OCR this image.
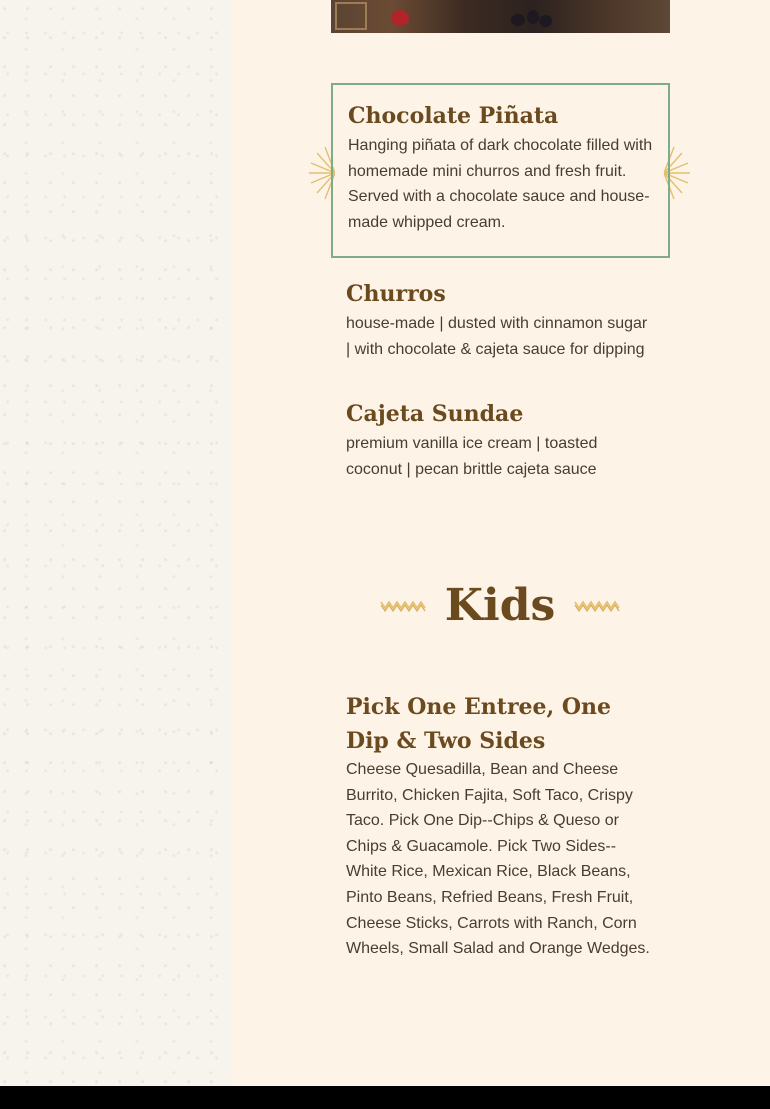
Chocolate Piñata

Hanging piñata of dark chocolate filled with homemade mini churros and fresh fruit. Served with a chocolate sauce and house-made whipped cream.

Churros

house-made | dusted with cinnamon sugar | with chocolate & cajeta sauce for dipping

Cajeta Sundae

premium vanilla ice cream | toasted coconut | pecan brittle cajeta sauce

Kids
Pick One Entree, One Dip & Two Sides

Cheese Quesadilla, Bean and Cheese Burrito, Chicken Fajita, Soft Taco, Crispy Taco. Pick One Dip--Chips & Queso or Chips & Guacamole. Pick Two Sides--White Rice, Mexican Rice, Black Beans, Pinto Beans, Refried Beans, Fresh Fruit, Cheese Sticks, Carrots with Ranch, Corn Wheels, Small Salad and Orange Wedges.
